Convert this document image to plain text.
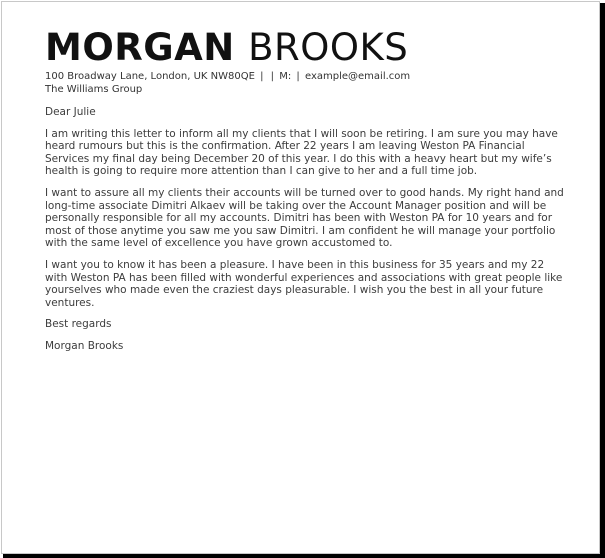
MORGAN BROOKS
100 Broadway Lane, London, UK NW80QE | | M: | example@email.com
The Williams Group

Dear Julie

I am writing this letter to inform all my clients that I will soon be retiring. I am sure you may have heard rumours but this is the confirmation. After 22 years I am leaving Weston PA Financial Services my final day being December 20 of this year. I do this with a heavy heart but my wife’s health is going to require more attention than I can give to her and a full time job.

I want to assure all my clients their accounts will be turned over to good hands. My right hand and long-time associate Dimitri Alkaev will be taking over the Account Manager position and will be personally responsible for all my accounts. Dimitri has been with Weston PA for 10 years and for most of those anytime you saw me you saw Dimitri. I am confident he will manage your portfolio with the same level of excellence you have grown accustomed to.

I want you to know it has been a pleasure. I have been in this business for 35 years and my 22 with Weston PA has been filled with wonderful experiences and associations with great people like yourselves who made even the craziest days pleasurable. I wish you the best in all your future ventures.

Best regards

Morgan Brooks
